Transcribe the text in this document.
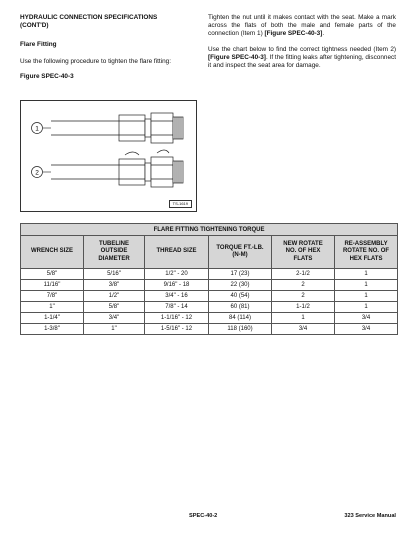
HYDRAULIC CONNECTION SPECIFICATIONS
(CONT'D)

Flare Fitting

Use the following procedure to tighten the flare fitting:

Figure SPEC-40-3
1
2
TS-1619

Tighten the nut until it makes contact with the seat. Make a mark across the flats of both the male and female parts of the connection (Item 1) [Figure SPEC-40-3].

Use the chart below to find the correct tightness needed (Item 2) [Figure SPEC-40-3]. If the fitting leaks after tightening, disconnect it and inspect the seat area for damage.

FLARE FITTING TIGHTENING TORQUE					
WRENCH SIZE	TUBELINE
OUTSIDE
DIAMETER	THREAD SIZE	TORQUE FT.-LB.
(N-M)	NEW ROTATE
NO. OF HEX
FLATS	RE-ASSEMBLY
ROTATE NO. OF
HEX FLATS
5/8"	5/16"	1/2" - 20	17 (23)	2-1/2	1
11/16"	3/8"	9/16" - 18	22 (30)	2	1
7/8"	1/2"	3/4" - 16	40 (54)	2	1
1"	5/8"	7/8" - 14	60 (81)	1-1/2	1
1-1/4"	3/4"	1-1/16" - 12	84 (114)	1	3/4
1-3/8"	1"	1-5/16" - 12	118 (160)	3/4	3/4
SPEC-40-2	323 Service Manual
